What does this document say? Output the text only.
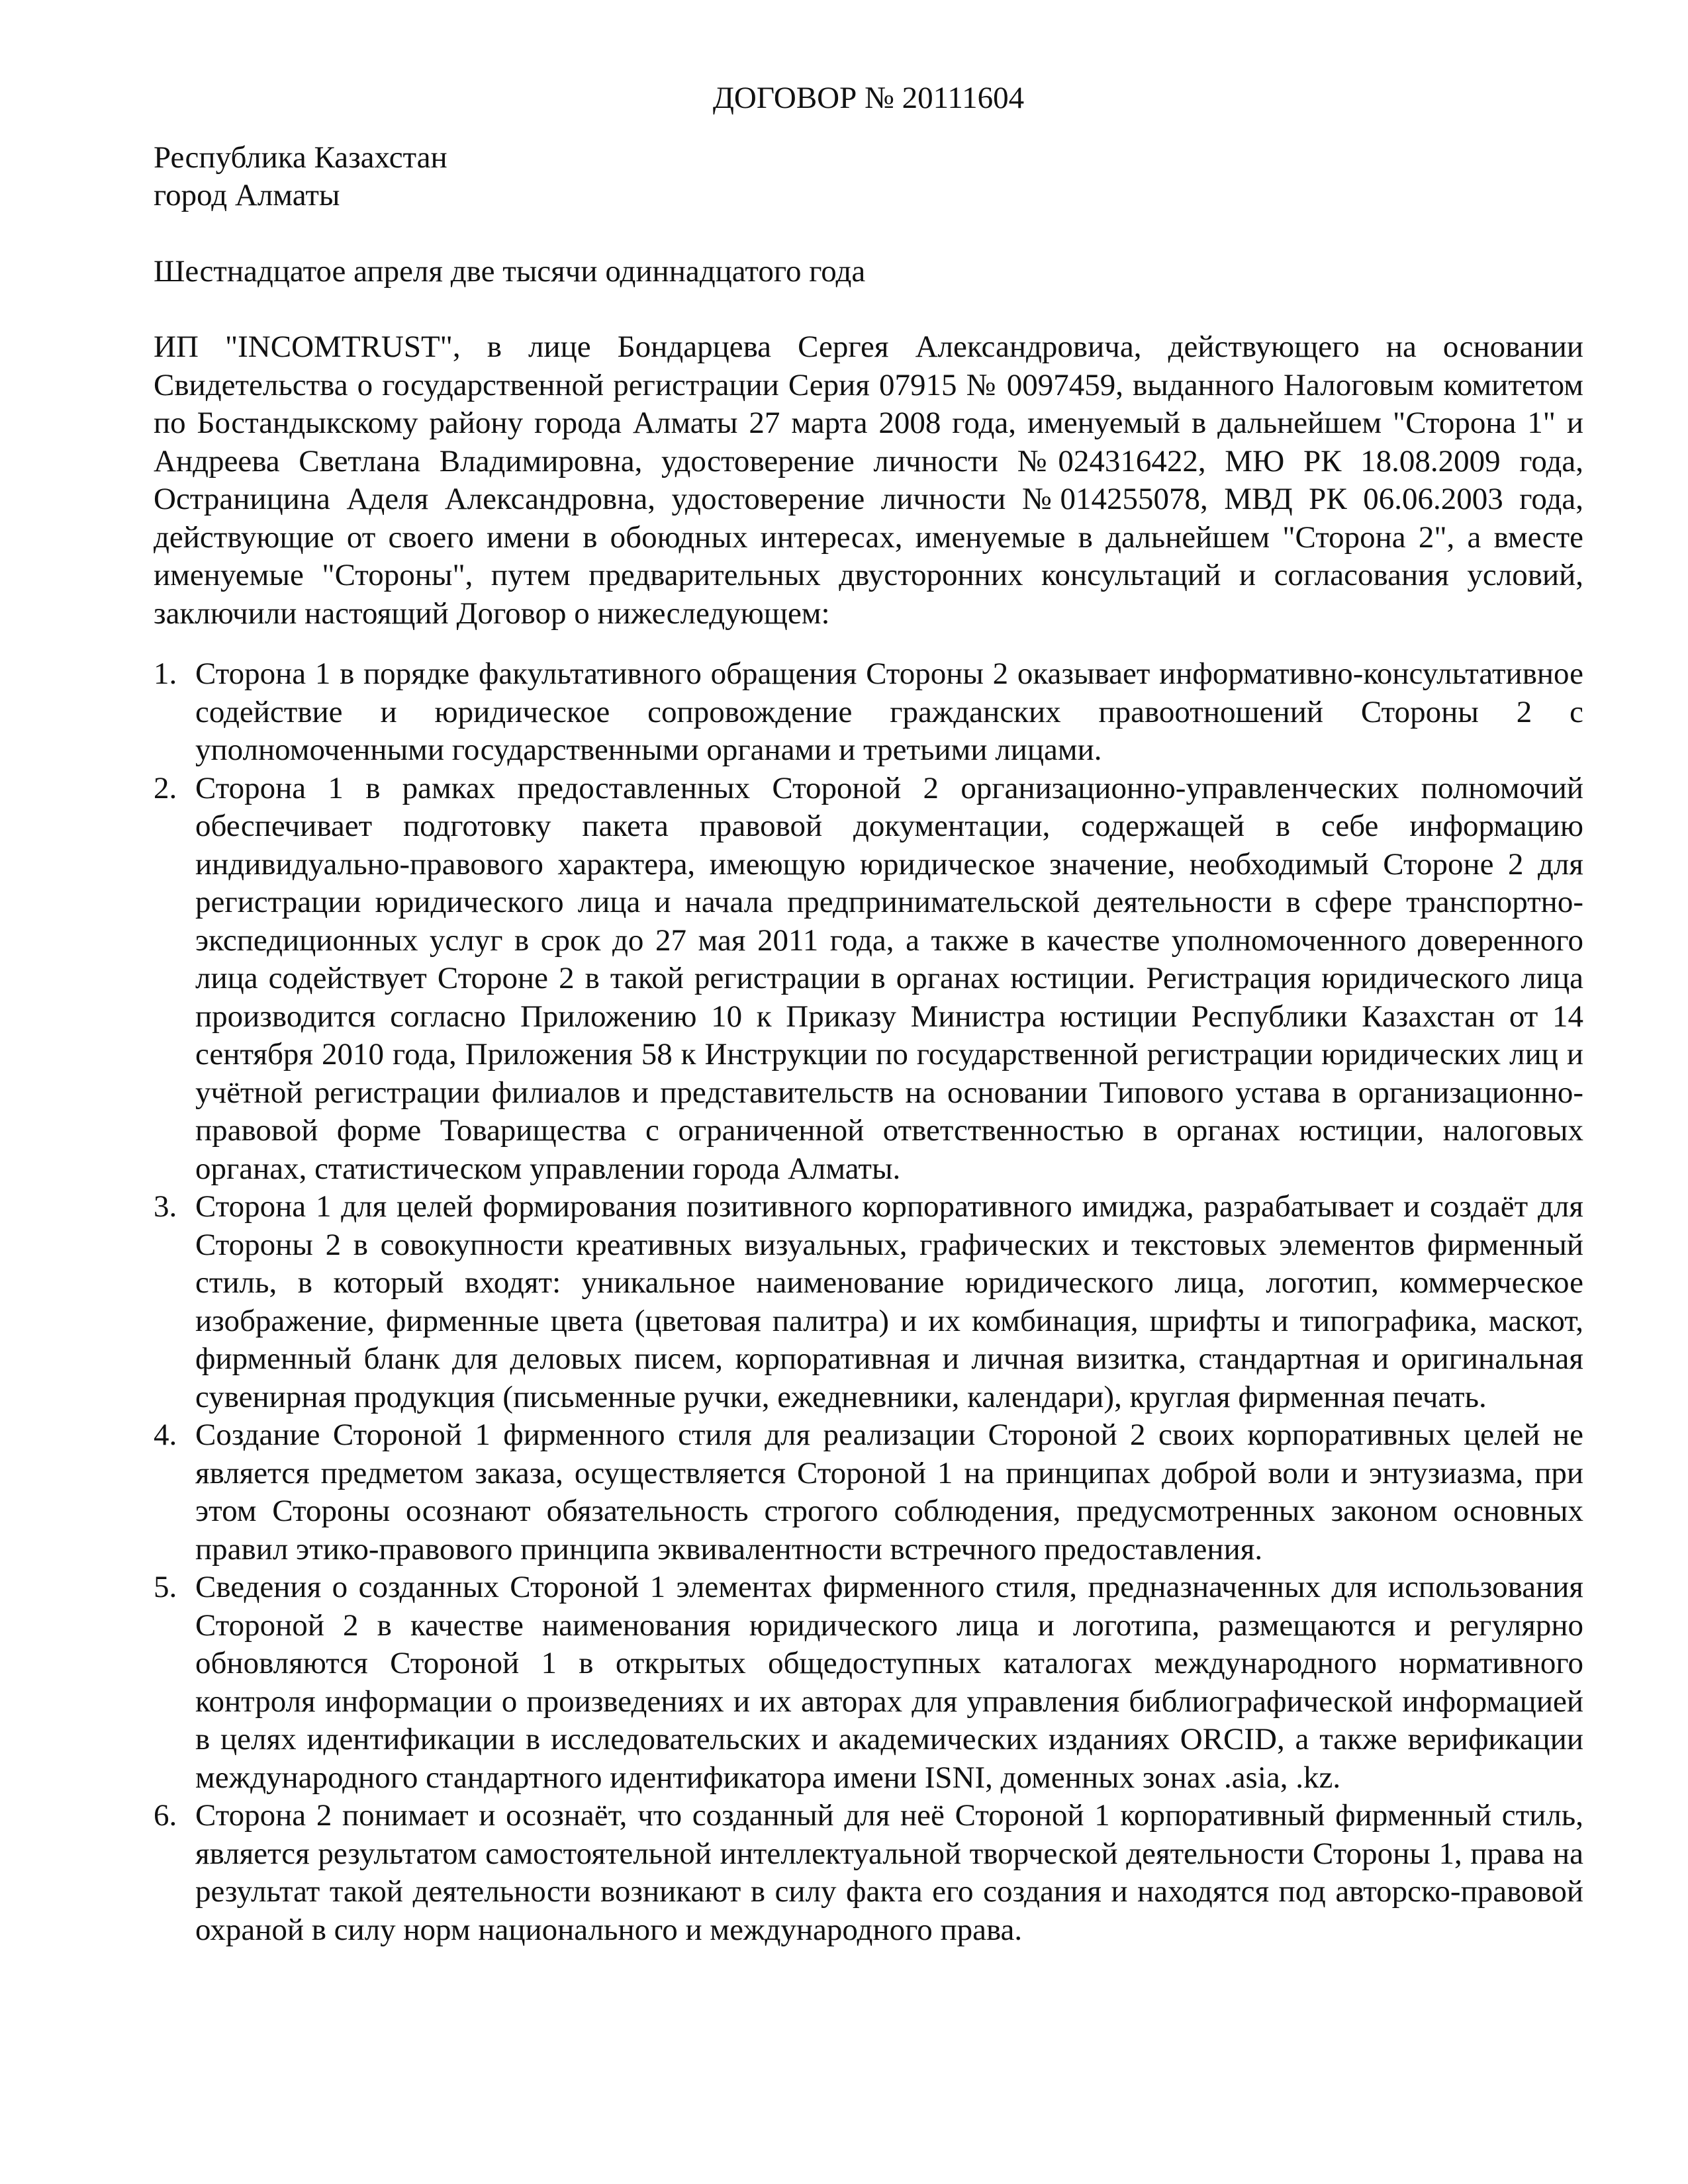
ДОГОВОР № 20111604
Республика Казахстан
город Алматы
Шестнадцатое апреля две тысячи одиннадцатого года
ИП "INCOMTRUST", в лице Бондарцева Сергея Александровича, действующего на основании Свидетельства о государственной регистрации Серия 07915 № 0097459, выданного Налоговым комитетом по Бостандыкскому району города Алматы 27 марта 2008 года, именуемый в дальнейшем "Сторона 1" и Андреева Светлана Владимировна, удостоверение личности №024316422, МЮ РК 18.08.2009 года, Остраницина Аделя Александровна, удостоверение личности №014255078, МВД РК 06.06.2003 года, действующие от своего имени в обоюдных интересах, именуемые в дальнейшем "Сторона 2", а вместе именуемые "Стороны", путем предварительных двусторонних консультаций и согласования условий, заключили настоящий Договор о нижеследующем:
1. Сторона 1 в порядке факультативного обращения Стороны 2 оказывает информативно-консультативное содействие и юридическое сопровождение гражданских правоотношений Стороны 2 с уполномоченными государственными органами и третьими лицами.
2. Сторона 1 в рамках предоставленных Стороной 2 организационно-управленческих полномочий обеспечивает подготовку пакета правовой документации, содержащей в себе информацию индивидуально-правового характера, имеющую юридическое значение, необходимый Стороне 2 для регистрации юридического лица и начала предпринимательской деятельности в сфере транспортно-экспедиционных услуг в срок до 27 мая 2011 года, а также в качестве уполномоченного доверенного лица содействует Стороне 2 в такой регистрации в органах юстиции. Регистрация юридического лица производится согласно Приложению 10 к Приказу Министра юстиции Республики Казахстан от 14 сентября 2010 года, Приложения 58 к Инструкции по государственной регистрации юридических лиц и учётной регистрации филиалов и представительств на основании Типового устава в организационно-правовой форме Товарищества с ограниченной ответственностью в органах юстиции, налоговых органах, статистическом управлении города Алматы.
3. Сторона 1 для целей формирования позитивного корпоративного имиджа, разрабатывает и создаёт для Стороны 2 в совокупности креативных визуальных, графических и текстовых элементов фирменный стиль, в который входят: уникальное наименование юридического лица, логотип, коммерческое изображение, фирменные цвета (цветовая палитра) и их комбинация, шрифты и типографика, маскот, фирменный бланк для деловых писем, корпоративная и личная визитка, стандартная и оригинальная сувенирная продукция (письменные ручки, ежедневники, календари), круглая фирменная печать.
4. Создание Стороной 1 фирменного стиля для реализации Стороной 2 своих корпоративных целей не является предметом заказа, осуществляется Стороной 1 на принципах доброй воли и энтузиазма, при этом Стороны осознают обязательность строгого соблюдения, предусмотренных законом основных правил этико-правового принципа эквивалентности встречного предоставления.
5. Сведения о созданных Стороной 1 элементах фирменного стиля, предназначенных для использования Стороной 2 в качестве наименования юридического лица и логотипа, размещаются и регулярно обновляются Стороной 1 в открытых общедоступных каталогах международного нормативного контроля информации о произведениях и их авторах для управления библиографической информацией в целях идентификации в исследовательских и академических изданиях ORCID, а также верификации международного стандартного идентификатора имени ISNI, доменных зонах .asia, .kz.
6. Сторона 2 понимает и осознаёт, что созданный для неё Стороной 1 корпоративный фирменный стиль, является результатом самостоятельной интеллектуальной творческой деятельности Стороны 1, права на результат такой деятельности возникают в силу факта его создания и находятся под авторско-правовой охраной в силу норм национального и международного права.
